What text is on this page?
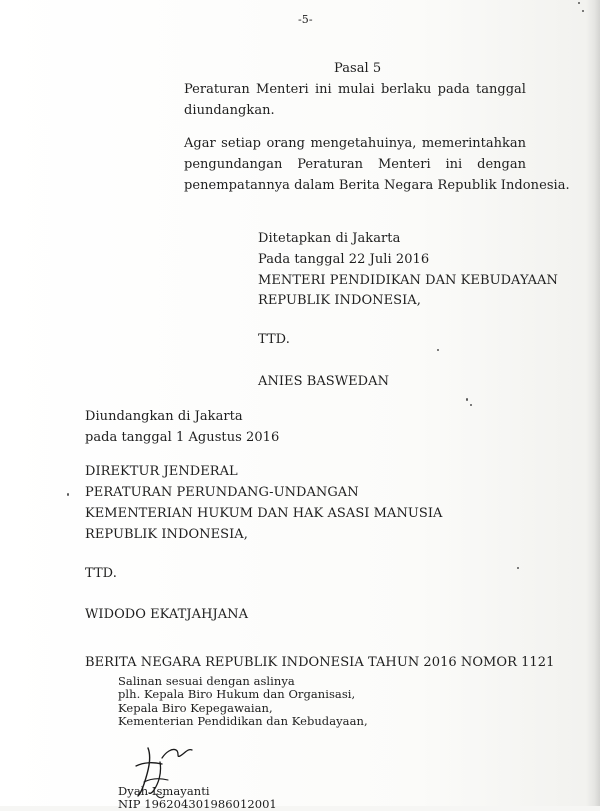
-5-
Pasal 5
Peraturan Menteri ini mulai berlaku pada tanggal
diundangkan.
Agar setiap orang mengetahuinya, memerintahkan
pengundangan Peraturan Menteri ini dengan
penempatannya dalam Berita Negara Republik Indonesia.
Ditetapkan di Jakarta
Pada tanggal 22 Juli 2016
MENTERI PENDIDIKAN DAN KEBUDAYAAN
REPUBLIK INDONESIA,
TTD.
ANIES BASWEDAN
Diundangkan di Jakarta
pada tanggal 1 Agustus 2016
DIREKTUR JENDERAL
PERATURAN PERUNDANG-UNDANGAN
KEMENTERIAN HUKUM DAN HAK ASASI MANUSIA
REPUBLIK INDONESIA,
TTD.
WIDODO EKATJAHJANA
BERITA NEGARA REPUBLIK INDONESIA TAHUN 2016 NOMOR 1121
Salinan sesuai dengan aslinya
plh. Kepala Biro Hukum dan Organisasi,
Kepala Biro Kepegawaian,
Kementerian Pendidikan dan Kebudayaan,
Dyah Ismayanti
NIP 196204301986012001
